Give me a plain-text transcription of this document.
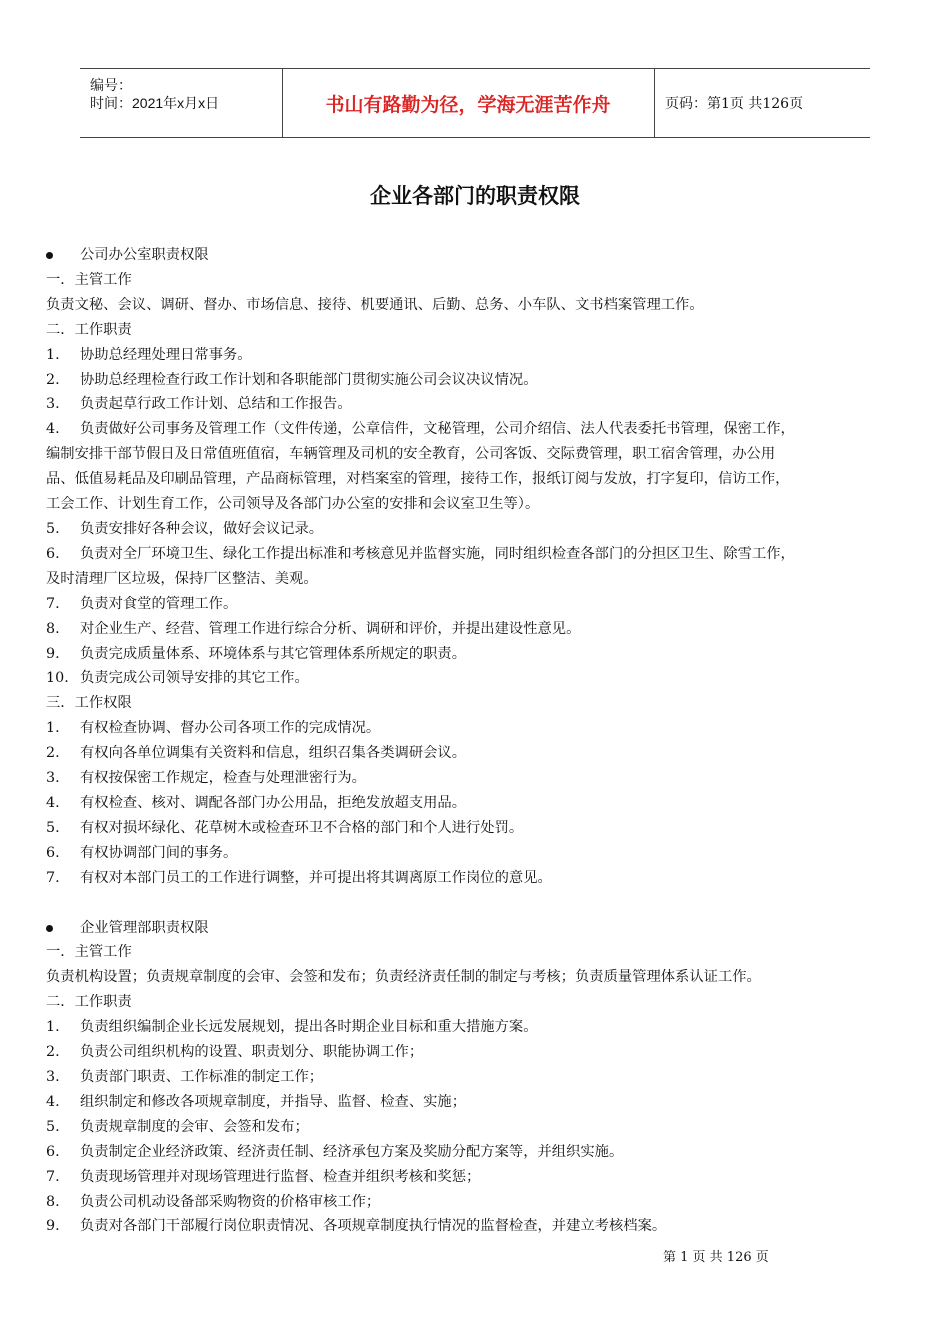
编号：
时间：2021年x月x日	书山有路勤为径，学海无涯苦作舟	页码：第1页 共126页
企业各部门的职责权限
公司办公室职责权限
一．主管工作
负责文秘、会议、调研、督办、市场信息、接待、机要通讯、后勤、总务、小车队、文书档案管理工作。
二．工作职责
1. 协助总经理处理日常事务。
2. 协助总经理检查行政工作计划和各职能部门贯彻实施公司会议决议情况。
3. 负责起草行政工作计划、总结和工作报告。
4. 负责做好公司事务及管理工作（文件传递，公章信件，文秘管理，公司介绍信、法人代表委托书管理，保密工作，
编制安排干部节假日及日常值班值宿，车辆管理及司机的安全教育，公司客饭、交际费管理，职工宿舍管理，办公用
品、低值易耗品及印刷品管理，产品商标管理，对档案室的管理，接待工作，报纸订阅与发放，打字复印，信访工作，
工会工作、计划生育工作，公司领导及各部门办公室的安排和会议室卫生等）。
5. 负责安排好各种会议，做好会议记录。
6. 负责对全厂环境卫生、绿化工作提出标准和考核意见并监督实施，同时组织检查各部门的分担区卫生、除雪工作，
及时清理厂区垃圾，保持厂区整洁、美观。
7. 负责对食堂的管理工作。
8. 对企业生产、经营、管理工作进行综合分析、调研和评价，并提出建设性意见。
9. 负责完成质量体系、环境体系与其它管理体系所规定的职责。
10. 负责完成公司领导安排的其它工作。
三．工作权限
1. 有权检查协调、督办公司各项工作的完成情况。
2. 有权向各单位调集有关资料和信息，组织召集各类调研会议。
3. 有权按保密工作规定，检查与处理泄密行为。
4. 有权检查、核对、调配各部门办公用品，拒绝发放超支用品。
5. 有权对损坏绿化、花草树木或检查环卫不合格的部门和个人进行处罚。
6. 有权协调部门间的事务。
7. 有权对本部门员工的工作进行调整，并可提出将其调离原工作岗位的意见。
企业管理部职责权限
一．主管工作
负责机构设置；负责规章制度的会审、会签和发布；负责经济责任制的制定与考核；负责质量管理体系认证工作。
二．工作职责
1. 负责组织编制企业长远发展规划，提出各时期企业目标和重大措施方案。
2. 负责公司组织机构的设置、职责划分、职能协调工作；
3. 负责部门职责、工作标准的制定工作；
4. 组织制定和修改各项规章制度，并指导、监督、检查、实施；
5. 负责规章制度的会审、会签和发布；
6. 负责制定企业经济政策、经济责任制、经济承包方案及奖励分配方案等，并组织实施。
7. 负责现场管理并对现场管理进行监督、检查并组织考核和奖惩；
8. 负责公司机动设备部采购物资的价格审核工作；
9. 负责对各部门干部履行岗位职责情况、各项规章制度执行情况的监督检查，并建立考核档案。
第 1 页 共 126 页
